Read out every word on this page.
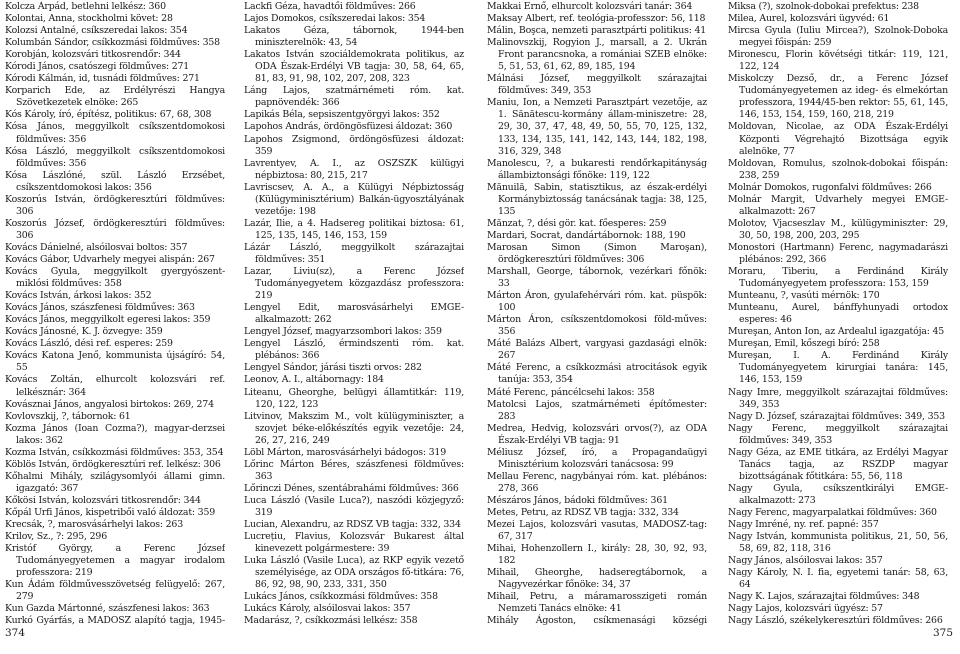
Kolcza Árpád, betlehni lelkész: 360
Kolontai, Anna, stockholmi követ: 28
Kolozsi Antalné, csíkszeredai lakos: 354
Kolumbán Sándor, csíkkozmási földműves: 358
Korobján, kolozsvári titkosrendőr: 344
Kórodi János, csatószegi földműves: 271
Kórodi Kálmán, id, tusnádi földműves: 271
Korparich Ede, az Erdélyrészi Hangya Szövetkezetek elnöke: 265
Kós Károly, író, építész, politikus: 67, 68, 308
Kósa János, meggyilkolt csíkszentdomokosi földműves: 356
Kósa László, meggyilkolt csíkszentdomokosi földműves: 356
Kósa Lászlóné, szül. László Erzsébet, csíkszentdomokosi lakos: 356
Koszorús István, ördögkeresztúri földműves: 306
Koszorús József, ördögkeresztúri földműves: 306
Kovács Dánielné, alsóilosvai boltos: 357
Kovács Gábor, Udvarhely megyei alispán: 267
Kovács Gyula, meggyilkolt gyergyószent-miklósi földműves: 358
Kovács István, árkosi lakos: 352
Kovács János, szászfenesi földműves: 363
Kovács János, meggyilkolt egeresi lakos: 359
Kovács Jánosné, K. J. özvegye: 359
Kovács László, dési ref. esperes: 259
Kovács Katona Jenő, kommunista újságíró: 54, 55
Kovács Zoltán, elhurcolt kolozsvári ref. lelkésznár: 364
Kovásznai János, angyalosi birtokos: 269, 274
Kovlovszkij, ?, tábornok: 61
Kozma János (Ioan Cozma?), magyar-derzsei lakos: 362
Kozma István, csíkkozmási földműves: 353, 354
Köblös István, ördögkeresztúri ref. lelkész: 306
Kőhalmi Mihály, szilágysomlyói állami gimn. igazgató: 367
Kőkösi István, kolozsvári titkosrendőr: 344
Kőpál Urfi János, kispetribői való áldozat: 359
Krecsák, ?, marosvásárhelyi lakos: 263
Krilov, Sz., ?: 295, 296
Kristóf György, a Ferenc József Tudományegyetemen a magyar irodalom professzora: 219
Kun Ádám földművesszövetség felügyelő: 267, 279
Kun Gazda Mártonné, szászfenesi lakos: 363
Kurkó Gyárfás, a MADOSZ alapító tagja, 1945-
Lackfi Géza, havadtői földműves: 266
Lajos Domokos, csíkszeredai lakos: 354
Lakatos Géza, tábornok, 1944-ben miniszterelnök: 43, 54
Lakatos István szociáldemokrata politikus, az ODA Észak-Erdélyi VB tagja: 30, 58, 64, 65, 81, 83, 91, 98, 102, 207, 208, 323
Láng Lajos, szatmárnémeti róm. kat. papnövendék: 366
Lapikás Béla, sepsiszentgyörgyi lakos: 352
Lapohos András, ördöngösfüzesi áldozat: 360
Lapohos Zsigmond, ördöngösfüzesi áldozat: 359
Lavrentyev, A. I., az OSZSZK külügyi népbiztosa: 80, 215, 217
Lavriscsev, A. A., a Külügyi Népbiztosság (Külügyminisztérium) Balkán-ügyosztályának vezetője: 198
Lazár, Ilie, a 4. Hadsereg politikai biztosa: 61, 125, 135, 145, 146, 153, 159
Lázár László, meggyilkolt szárazajtai földműves: 351
Lazar, Liviu(sz), a Ferenc József Tudományegyetem közgazdász professzora: 219
Lengyel Edit, marosvásárhelyi EMGE-alkalmazott: 262
Lengyel József, magyarzsombori lakos: 359
Lengyel László, érmindszenti róm. kat. plébános: 366
Lengyel Sándor, járási tiszti orvos: 282
Leonov, A. I., altábornagy: 184
Liteanu, Gheorghe, belügyi államtitkár: 119, 120, 122, 123
Litvinov, Makszim M., volt külügyminiszter, a szovjet béke-előkészítés egyik vezetője: 24, 26, 27, 216, 249
Löbl Márton, marosvásárhelyi bádogos: 319
Lőrinc Márton Béres, szászfenesi földműves: 363
Lőrinczi Dénes, szentábrahámi földműves: 366
Luca László (Vasile Luca?), naszódi közjegyző: 319
Lucian, Alexandru, az RDSZ VB tagja: 332, 334
Lucrețiu, Flavius, Kolozsvár Bukarest által kinevezett polgármestere: 39
Luka László (Vasile Luca), az RKP egyik vezető személyisége, az ODA országos fő-titkára: 76, 86, 92, 98, 90, 233, 331, 350
Lukács János, csíkkozmási földműves: 358
Lukács Károly, alsóilosvai lakos: 357
Madarász, ?, csíkkozmási lelkész: 358
374
Makkai Ernő, elhurcolt kolozsvári tanár: 364
Maksay Albert, ref. teológia-professzor: 56, 118
Málin, Boşca, nemzeti parasztpárti politikus: 41
Malinovszkij, Rogyion J., marsall, a 2. Ukrán Front parancsnoka, a romániai SZEB elnöke: 5, 51, 53, 61, 62, 89, 185, 194
Málnási József, meggyilkolt szárazajtai földműves: 349, 353
Maniu, Ion, a Nemzeti Parasztpárt vezetője, az 1. Sănătescu-kormány állam-miniszetre: 28, 29, 30, 37, 47, 48, 49, 50, 55, 70, 125, 132, 133, 134, 135, 141, 142, 143, 144, 182, 198, 316, 329, 348
Manolescu, ?, a bukaresti rendőrkapitányság állambiztonsági főnöke: 119, 122
Mănuilă, Sabin, statisztikus, az észak-erdélyi Kormánybiztosság tanácsának tagja: 38, 125, 135
Mănzat, ?, dési gör. kat. főesperes: 259
Mardari, Socrat, dandártábornok: 188, 190
Marosan Simon (Simon Maroşan), ördögkeresztúri földműves: 306
Marshall, George, tábornok, vezérkari főnök: 33
Márton Áron, gyulafehérvári róm. kat. püspök: 100
Márton Áron, csíkszentdomokosi föld-műves: 356
Máté Balázs Albert, vargyasi gazdasági elnök: 267
Máté Ferenc, a csíkkozmási atrocitások egyik tanúja: 353, 354
Máté Ferenc, páncélcsehi lakos: 358
Matolcsi Lajos, szatmárnémeti építőmester: 283
Medrea, Hedvig, kolozsvári orvos(?), az ODA Észak-Erdélyi VB tagja: 91
Méliusz József, író, a Propagandaügyi Minisztérium kolozsvári tanácsosa: 99
Mellau Ferenc, nagybányai róm. kat. plébános: 278, 366
Mészáros János, bádoki földműves: 361
Metes, Petru, az RDSZ VB tagja: 332, 334
Mezei Lajos, kolozsvári vasutas, MADOSZ-tag: 67, 317
Mihai, Hohenzollern I., király: 28, 30, 92, 93, 182
Mihail, Gheorghe, hadseregtábornok, a Nagyvezérkar főnöke: 34, 37
Mihail, Petru, a máramarosszigeti román Nemzeti Tanács elnöke: 41
Mihály Ágoston, csíkmenasági községi
Miksa (?), szolnok-dobokai prefektus: 238
Milea, Aurel, kolozsvári ügyvéd: 61
Mircsa Gyula (Iuliu Mircea?), Szolnok-Doboka megyei főispán: 259
Mironescu, Florin kövétségi titkár: 119, 121, 122, 124
Miskolczy Dezső, dr., a Ferenc József Tudományegyetemen az ideg- és elmekórtan professzora, 1944/45-ben rektor: 55, 61, 145, 146, 153, 154, 159, 160, 218, 219
Moldovan, Nicolae, az ODA Észak-Erdélyi Központi Végrehajtó Bizottsága egyik alelnöke, 77
Moldovan, Romulus, szolnok-dobokai főispán: 238, 259
Molnár Domokos, rugonfalvi földműves: 266
Molnár Margit, Udvarhely megyei EMGE-alkalmazott: 267
Molotov, Vjacseszlav M., külügyminiszter: 29, 30, 50, 198, 200, 203, 295
Monostori (Hartmann) Ferenc, nagymadarászi plébános: 292, 366
Moraru, Tiberiu, a Ferdinánd Király Tudományegyetem professzora: 153, 159
Munteanu, ?, vasúti mérnök: 170
Munteanu, Aurel, bánffyhunyadi ortodox esperes: 46
Mureşan, Anton Ion, az Ardealul igazgatója: 45
Mureşan, Emil, kőszegi bíró: 258
Mureşan, I. A. Ferdinánd Király Tudományegyetem kirurgiai tanára: 145, 146, 153, 159
Nagy Imre, meggyilkolt szárazajtai földműves: 349, 353
Nagy D. József, szárazajtai földműves: 349, 353
Nagy Ferenc, meggyilkolt szárazajtai földműves: 349, 353
Nagy Géza, az EME titkára, az Erdélyi Magyar Tanács tagja, az RSZDP magyar bizottságának főtitkára: 55, 56, 118
Nagy Gyula, csíkszentkirályi EMGE-alkalmazott: 273
Nagy Ferenc, magyarpalatkai földműves: 360
Nagy Imréné, ny. ref. papné: 357
Nagy István, kommunista politikus, 21, 50, 56, 58, 69, 82, 118, 316
Nagy János, alsóilosvai lakos: 357
Nagy Károly, N. I. fia, egyetemi tanár: 58, 63, 64
Nagy K. Lajos, szárazajtai földműves: 348
Nagy Lajos, kolozsvári ügyész: 57
Nagy László, székelykeresztúri földműves: 266
375
